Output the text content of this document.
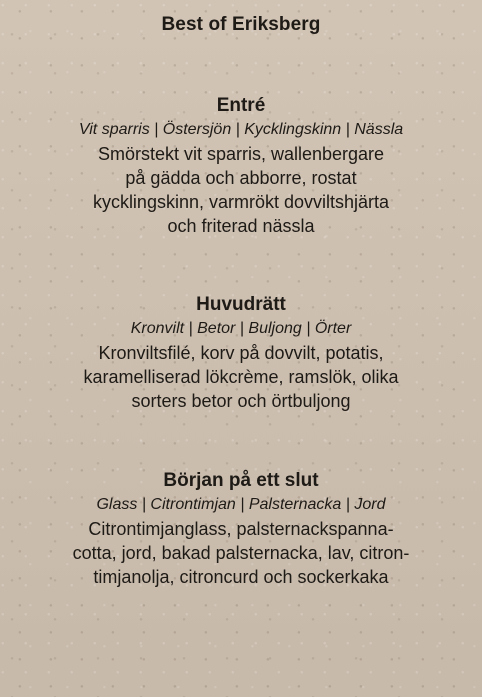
Best of Eriksberg
Entré
Vit sparris | Östersjön | Kycklingskinn | Nässla
Smörstekt vit sparris, wallenbergare
på gädda och abborre, rostat
kycklingskinn, varmrökt dovviltshjärta
och friterad nässla
Huvudrätt
Kronvilt | Betor | Buljong | Örter
Kronviltsfilé, korv på dovvilt, potatis,
karamelliserad lökcrème, ramslök, olika
sorters betor och örtbuljong
Början på ett slut
Glass | Citrontimjan | Palsternacka | Jord
Citrontimjanglass, palsternackspanna-
cotta, jord, bakad palsternacka, lav, citron-
timjanolja, citroncurd och sockerkaka
